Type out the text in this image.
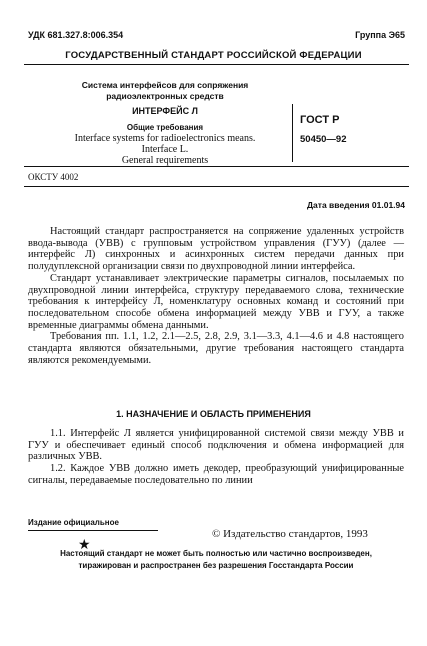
УДК 681.327.8:006.354	Группа Э65
ГОСУДАРСТВЕННЫЙ СТАНДАРТ РОССИЙСКОЙ ФЕДЕРАЦИИ
Система интерфейсов для сопряжения
радиоэлектронных средств
ИНТЕРФЕЙС Л
Общие требования
Interface systems for radioelectronics means.
Interface L.
General requirements
ГОСТ Р
50450—92
ОКСТУ 4002
Дата введения 01.01.94

Настоящий стандарт распространяется на сопряжение удаленных устройств ввода-вывода (УВВ) с групповым устройством управления (ГУУ) (далее — интерфейс Л) синхронных и асинхронных систем передачи данных при полудуплексной организации связи по двухпроводной линии интерфейса.

Стандарт устанавливает электрические параметры сигналов, посылаемых по двухпроводной линии интерфейса, структуру передаваемого слова, технические требования к интерфейсу Л, номенклатуру основных команд и состояний при последовательном способе обмена информацией между УВВ и ГУУ, а также временные диаграммы обмена данными.

Требования пп. 1.1, 1.2, 2.1—2.5, 2.8, 2.9, 3.1—3.3, 4.1—4.6 и 4.8 настоящего стандарта являются обязательными, другие требования настоящего стандарта являются рекомендуемыми.

1. НАЗНАЧЕНИЕ И ОБЛАСТЬ ПРИМЕНЕНИЯ

1.1. Интерфейс Л является унифицированной системой связи между УВВ и ГУУ и обеспечивает единый способ подключения и обмена информацией для различных УВВ.

1.2. Каждое УВВ должно иметь декодер, преобразующий унифицированные сигналы, передаваемые последовательно по линии

Издание официальное
© Издательство стандартов, 1993
★
Настоящий стандарт не может быть полностью или частично воспроизведен,
тиражирован и распространен без разрешения Госстандарта России
